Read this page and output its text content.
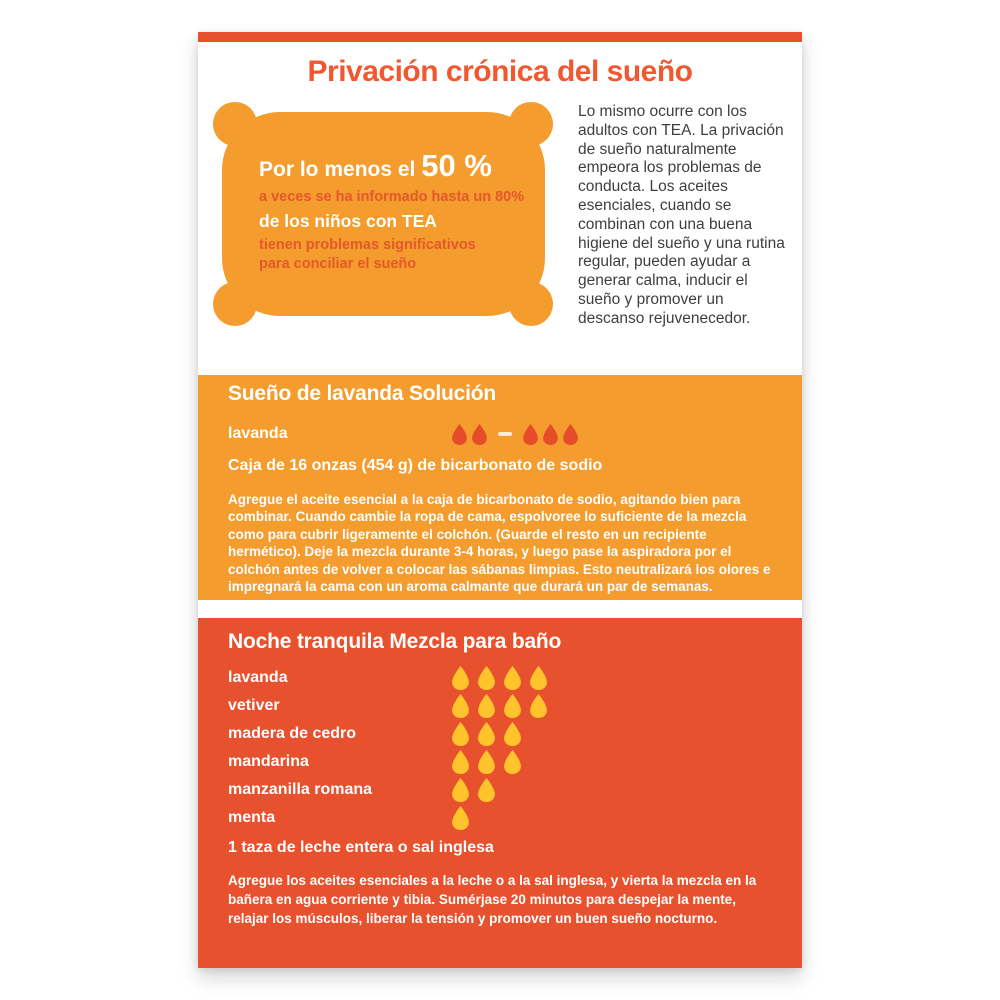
Privación crónica del sueño
Por lo menos el 50 %
a veces se ha informado hasta un 80%
de los niños con TEA
tienen problemas significativos
para conciliar el sueño
Lo mismo ocurre con los adultos con TEA. La privación de sueño naturalmente empeora los problemas de conducta. Los aceites esenciales, cuando se combinan con una buena higiene del sueño y una rutina regular, pueden ayudar a generar calma, inducir el sueño y promover un descanso rejuvenecedor.
Sueño de lavanda Solución
lavanda
Caja de 16 onzas (454 g) de bicarbonato de sodio

Agregue el aceite esencial a la caja de bicarbonato de sodio, agitando bien para combinar. Cuando cambie la ropa de cama, espolvoree lo suficiente de la mezcla como para cubrir ligeramente el colchón. (Guarde el resto en un recipiente hermético). Deje la mezcla durante 3-4 horas, y luego pase la aspiradora por el colchón antes de volver a colocar las sábanas limpias. Esto neutralizará los olores e impregnará la cama con un aroma calmante que durará un par de semanas.

Noche tranquila Mezcla para baño
lavanda
vetiver
madera de cedro
mandarina
manzanilla romana
menta
1 taza de leche entera o sal inglesa

Agregue los aceites esenciales a la leche o a la sal inglesa, y vierta la mezcla en la bañera en agua corriente y tibia. Sumérjase 20 minutos para despejar la mente, relajar los músculos, liberar la tensión y promover un buen sueño nocturno.
